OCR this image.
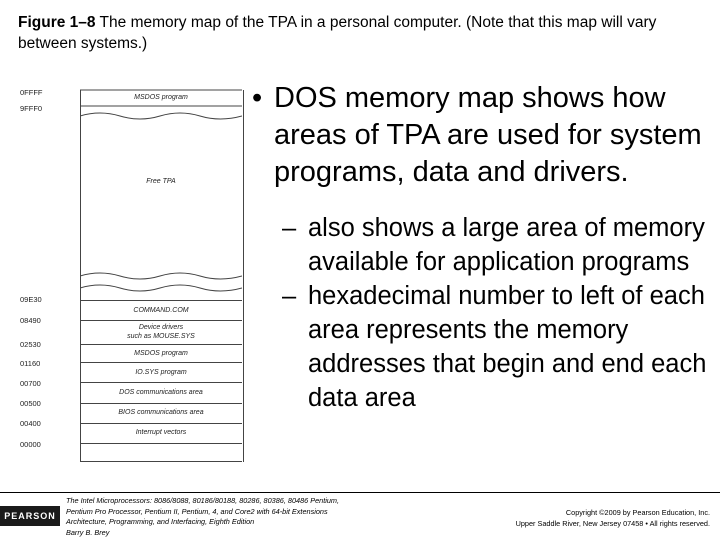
Figure 1–8 The memory map of the TPA in a personal computer. (Note that this map will vary between systems.)
0FFFF
9FFF0
09E30
08490
02530
01160
00700
00500
00400
00000
MSDOS program
Free TPA
COMMAND.COM
Device drivers
such as MOUSE.SYS
MSDOS program
IO.SYS program
DOS communications area
BIOS communications area
Interrupt vectors
• DOS memory map shows how areas of TPA are used for system programs, data and drivers.
– also shows a large area of memory available for application programs
– hexadecimal number to left of each area represents the memory addresses that begin and end each data area
PEARSON
The Intel Microprocessors: 8086/8088, 80186/80188, 80286, 80386, 80486 Pentium,
Pentium Pro Processor, Pentium II, Pentium, 4, and Core2 with 64-bit Extensions
Architecture, Programming, and Interfacing, Eighth Edition
Barry B. Brey
Copyright ©2009 by Pearson Education, Inc.
Upper Saddle River, New Jersey 07458 • All rights reserved.
